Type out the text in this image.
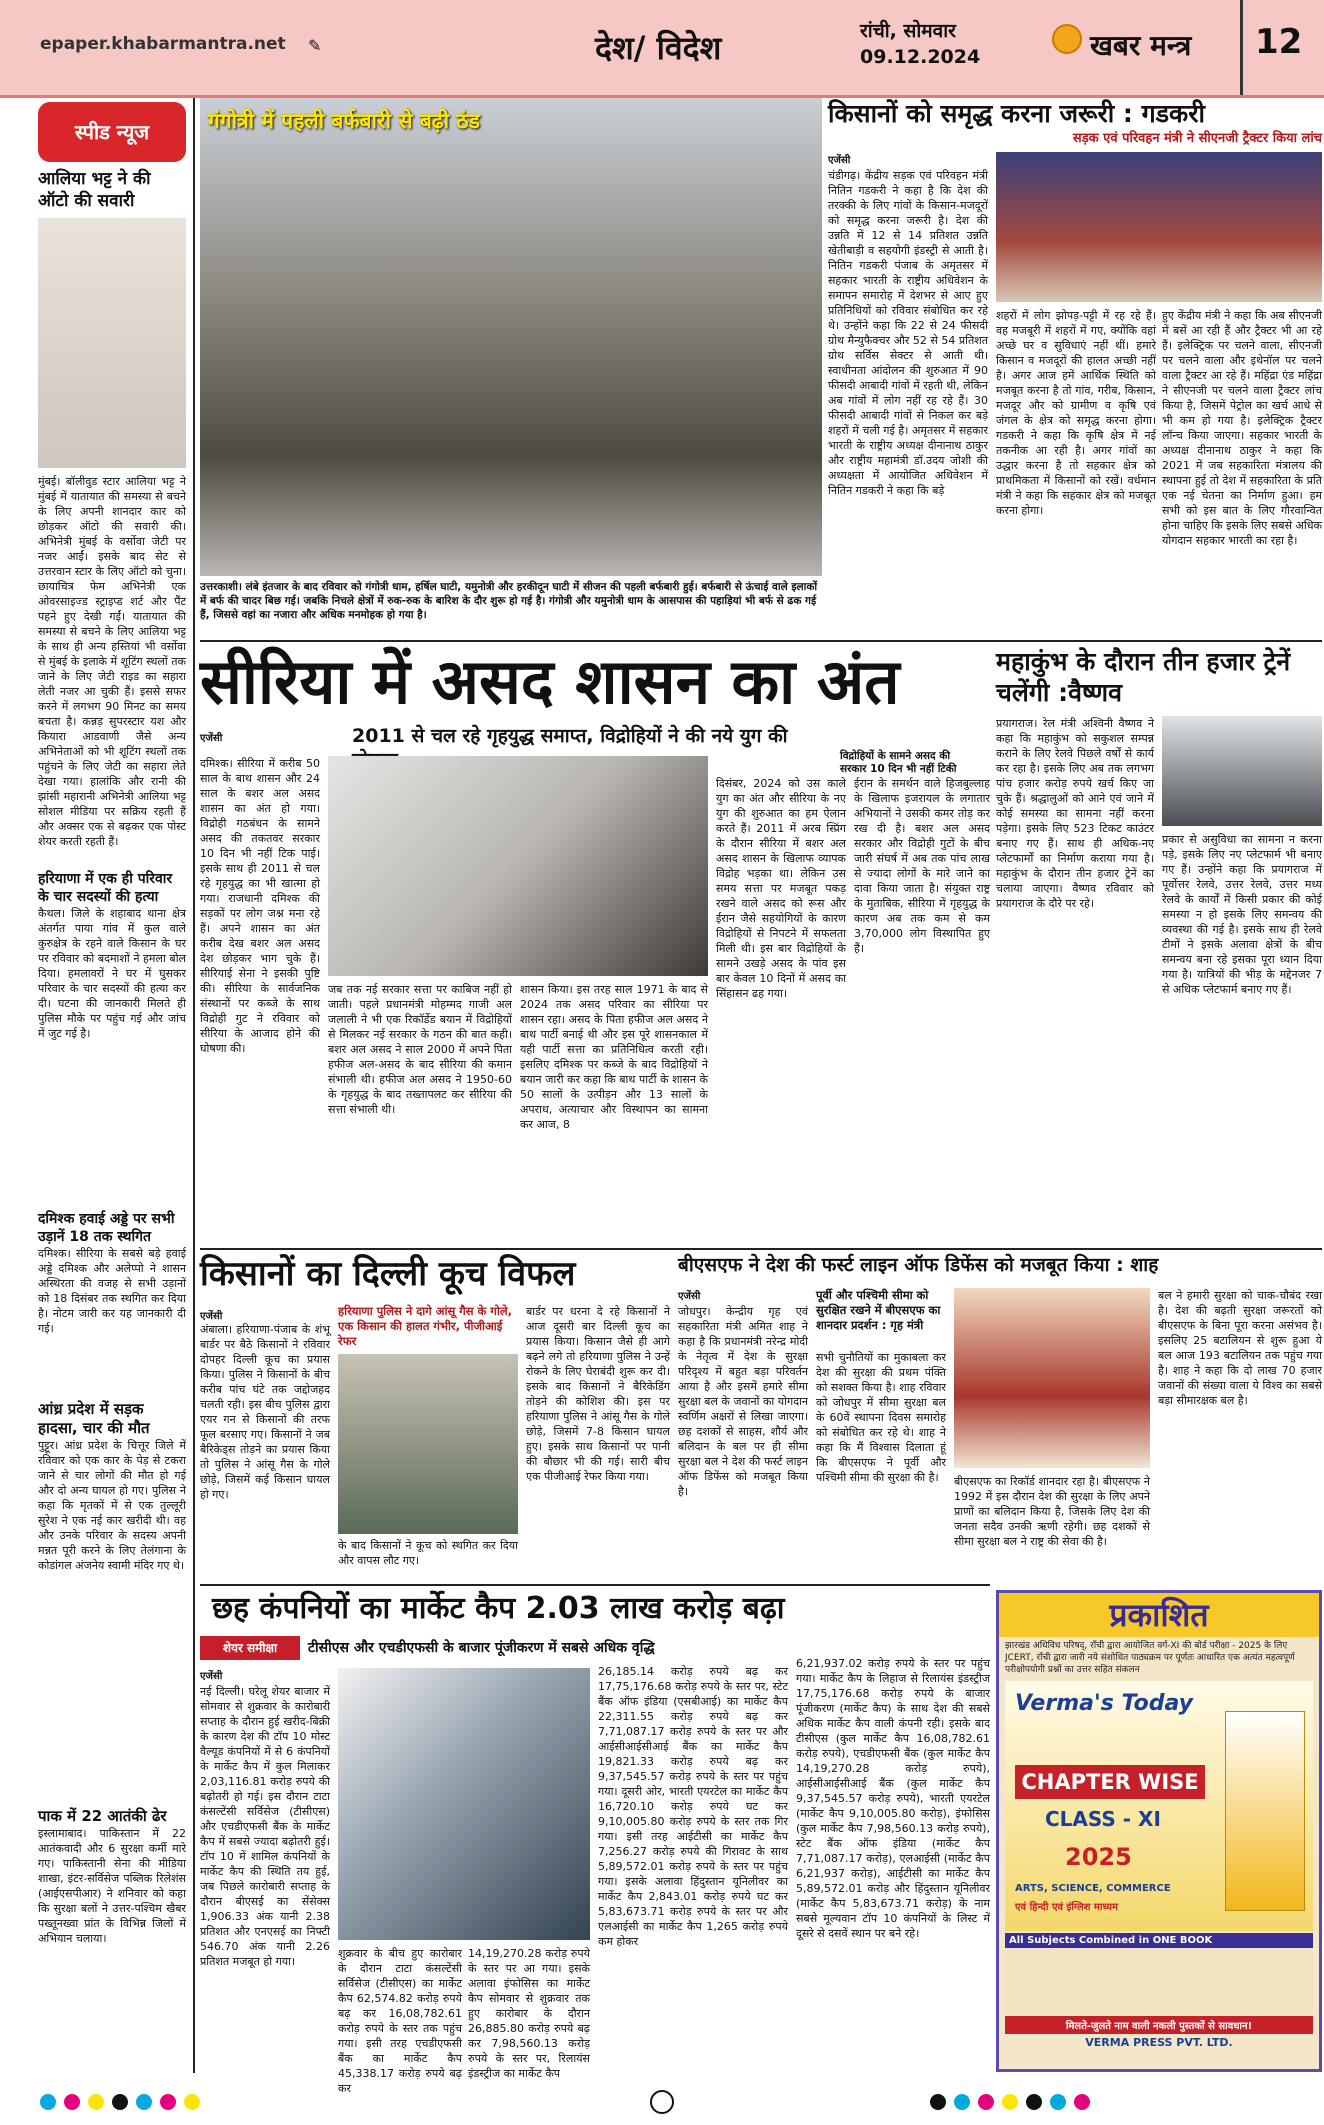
epaper.khabarmantra.net ✎	देश/ विदेश	रांची, सोमवार
09.12.2024	खबर मन्त्र 12
स्पीड न्यूज
आलिया भट्ट ने की ऑटो की सवारी
मुंबई। बॉलीवुड स्टार आलिया भट्ट ने मुंबई में यातायात की समस्या से बचने के लिए अपनी शानदार कार को छोड़कर ऑटो की सवारी की। अभिनेत्री मुंबई के वर्सोवा जेटी पर नजर आईं। इसके बाद सेट से उत्तरवान स्टार के लिए ऑटो को चुना। छायाचित्र फेम अभिनेत्री एक ओवरसाइज्ड स्ट्राइप्ड शर्ट और पैंट पहने हुए देखी गईं। यातायात की समस्या से बचने के लिए आलिया भट्ट के साथ ही अन्य हस्तियां भी वर्सोवा से मुंबई के इलाके में शूटिंग स्थलों तक जाने के लिए जेटी राइड का सहारा लेती नजर आ चुकी हैं। इससे सफर करने में लगभग 90 मिनट का समय बचता है। कन्नड़ सुपरस्टार यश और कियारा आडवाणी जैसे अन्य अभिनेताओं को भी शूटिंग स्थलों तक पहुंचने के लिए जेटी का सहारा लेते देखा गया। हालांकि और रानी की झांसी महारानी अभिनेत्री आलिया भट्ट सोशल मीडिया पर सक्रिय रहती हैं और अक्सर एक से बढ़कर एक पोस्ट शेयर करती रहती हैं।
हरियाणा में एक ही परिवार के चार सदस्यों की हत्या
कैथल। जिले के शहाबाद थाना क्षेत्र अंतर्गत पाया गांव में कुल वाले कुरुक्षेत्र के रहने वाले किसान के घर पर रविवार को बदमाशों ने हमला बोल दिया। हमलावरों ने घर में घुसकर परिवार के चार सदस्यों की हत्या कर दी। घटना की जानकारी मिलते ही पुलिस मौके पर पहुंच गई और जांच में जुट गई है।
दमिश्क हवाई अड्डे पर सभी उड़ानें 18 तक स्थगित
दमिश्क। सीरिया के सबसे बड़े हवाई अड्डे दमिश्क और अलेप्पो ने शासन अस्थिरता की वजह से सभी उड़ानों को 18 दिसंबर तक स्थगित कर दिया है। नोटम जारी कर यह जानकारी दी गई।
आंध्र प्रदेश में सड़क हादसा, चार की मौत
पुट्टूर। आंध्र प्रदेश के चित्तूर जिले में रविवार को एक कार के पेड़ से टकरा जाने से चार लोगों की मौत हो गई और दो अन्य घायल हो गए। पुलिस ने कहा कि मृतकों में से एक तुल्लूरी सुरेश ने एक नई कार खरीदी थी। वह और उनके परिवार के सदस्य अपनी मन्नत पूरी करने के लिए तेलंगाना के कोडांगल अंजनेय स्वामी मंदिर गए थे।
पाक में 22 आतंकी ढेर
इस्लामाबाद। पाकिस्तान में 22 आतंकवादी और 6 सुरक्षा कर्मी मारे गए। पाकिस्तानी सेना की मीडिया शाखा, इंटर-सर्विसेज पब्लिक रिलेशंस (आईएसपीआर) ने शनिवार को कहा कि सुरक्षा बलों ने उत्तर-पश्चिम खैबर पख्तूनख्वा प्रांत के विभिन्न जिलों में अभियान चलाया।
गंगोत्री में पहली बर्फबारी से बढ़ी ठंड
उत्तरकाशी। लंबे इंतजार के बाद रविवार को गंगोत्री धाम, हर्षिल घाटी, यमुनोत्री और हरकीदून घाटी में सीजन की पहली बर्फबारी हुई। बर्फबारी से ऊंचाई वाले इलाकों में बर्फ की चादर बिछ गई। जबकि निचले क्षेत्रों में रुक-रुक के बारिश के दौर शुरू हो गई है। गंगोत्री और यमुनोत्री धाम के आसपास की पहाड़ियां भी बर्फ से ढक गई हैं, जिससे वहां का नजारा और अधिक मनमोहक हो गया है।
किसानों को समृद्ध करना जरूरी : गडकरी
सड़क एवं परिवहन मंत्री ने सीएनजी ट्रैक्टर किया लांच
एजेंसी
चंडीगढ़। केंद्रीय सड़क एवं परिवहन मंत्री नितिन गडकरी ने कहा है कि देश की तरक्की के लिए गांवों के किसान-मजदूरों को समृद्ध करना जरूरी है। देश की उन्नति में 12 से 14 प्रतिशत उन्नति खेतीबाड़ी व सहयोगी इंडस्ट्री से आती है। नितिन गडकरी पंजाब के अमृतसर में सहकार भारती के राष्ट्रीय अधिवेशन के समापन समारोह में देशभर से आए हुए प्रतिनिधियों को रविवार संबोधित कर रहे थे। उन्होंने कहा कि 22 से 24 फीसदी ग्रोथ मैन्युफैक्चर और 52 से 54 प्रतिशत ग्रोथ सर्विस सेक्टर से आती थी। स्वाधीनता आंदोलन की शुरुआत में 90 फीसदी आबादी गांवों में रहती थी, लेकिन अब गांवों में लोग नहीं रह रहे हैं। 30 फीसदी आबादी गांवों से निकल कर बड़े शहरों में चली गई है। अमृतसर में सहकार भारती के राष्ट्रीय अध्यक्ष दीनानाथ ठाकुर और राष्ट्रीय महामंत्री डॉ.उदय जोशी की अध्यक्षता में आयोजित अधिवेशन में नितिन गडकरी ने कहा कि बड़े
शहरों में लोग झोपड़-पट्टी में रह रहे हैं। वह मजबूरी में शहरों में गए, क्योंकि वहां अच्छे घर व सुविधाएं नहीं थीं। हमारे किसान व मजदूरों की हालत अच्छी नहीं है। अगर आज हमें आर्थिक स्थिति को मजबूत करना है तो गांव, गरीब, किसान, मजदूर और को ग्रामीण व कृषि एवं जंगल के क्षेत्र को समृद्ध करना होगा। गडकरी ने कहा कि कृषि क्षेत्र में नई तकनीक आ रही है। अगर गांवों का उद्धार करना है तो सहकार क्षेत्र को प्राथमिकता में किसानों को रखें। वर्धमान मंत्री ने कहा कि सहकार क्षेत्र को मजबूत करना होगा।
हुए केंद्रीय मंत्री ने कहा कि अब सीएनजी में बसें आ रही हैं और ट्रैक्टर भी आ रहे हैं। इलेक्ट्रिक पर चलने वाला, सीएनजी पर चलने वाला और इथेनॉल पर चलने वाला ट्रैक्टर आ रहे हैं। महिंद्रा एंड महिंद्रा ने सीएनजी पर चलने वाला ट्रैक्टर लांच किया है, जिसमें पेट्रोल का खर्च आधे से भी कम हो गया है। इलेक्ट्रिक ट्रैक्टर लॉन्च किया जाएगा। सहकार भारती के अध्यक्ष दीनानाथ ठाकुर ने कहा कि 2021 में जब सहकारिता मंत्रालय की स्थापना हुई तो देश में सहकारिता के प्रति एक नई चेतना का निर्माण हुआ। हम सभी को इस बात के लिए गौरवान्वित होना चाहिए कि इसके लिए सबसे अधिक योगदान सहकार भारती का रहा है।
सीरिया में असद शासन का अंत
एजेंसी	2011 से चल रहे गृहयुद्ध समाप्त, विद्रोहियों ने की नये युग की
विद्रोहियों के सामने असद की सरकार 10 दिन भी नहीं टिकी
दमिश्क। सीरिया में करीब 50 साल के बाथ शासन और 24 साल के बशर अल असद शासन का अंत हो गया। विद्रोही गठबंधन के सामने असद की तकतवर सरकार 10 दिन भी नहीं टिक पाई। इसके साथ ही 2011 से चल रहे गृहयुद्ध का भी खात्मा हो गया। राजधानी दमिश्क की सड़कों पर लोग जश्न मना रहे हैं। अपने शासन का अंत करीब देख बशर अल असद देश छोड़कर भाग चुके हैं। सीरियाई सेना ने इसकी पुष्टि की। सीरिया के सार्वजनिक संस्थानों पर कब्जे के साथ विद्रोही गुट ने रविवार को सीरिया के आजाद होने की घोषणा की।
जब तक नई सरकार सत्ता पर काबिज नहीं हो जाती। पहले प्रधानमंत्री मोहम्मद गाजी अल जलाली ने भी एक रिकॉर्डेड बयान में विद्रोहियों से मिलकर नई सरकार के गठन की बात कही। बशर अल असद ने साल 2000 में अपने पिता हफीज अल-असद के बाद सीरिया की कमान संभाली थी। हफीज अल असद ने 1950-60 के गृहयुद्ध के बाद तख्तापलट कर सीरिया की सत्ता संभाली थी।
शासन किया। इस तरह साल 1971 के बाद से 2024 तक असद परिवार का सीरिया पर शासन रहा। असद के पिता हफीज अल असद ने बाथ पार्टी बनाई थी और इस पूरे शासनकाल में यही पार्टी सत्ता का प्रतिनिधित्व करती रही। इसलिए दमिश्क पर कब्जे के बाद विद्रोहियों ने बयान जारी कर कहा कि बाथ पार्टी के शासन के 50 सालों के उत्पीड़न और 13 सालों के अपराध, अत्याचार और विस्थापन का सामना कर आज, 8
दिसंबर, 2024 को उस काले युग का अंत और सीरिया के नए युग की शुरुआत का हम ऐलान करते हैं। 2011 में अरब स्प्रिंग के दौरान सीरिया में बशर अल असद शासन के खिलाफ व्यापक विद्रोह भड़का था। लेकिन उस समय सत्ता पर मजबूत पकड़ रखने वाले असद को रूस और ईरान जैसे सहयोगियों के कारण विद्रोहियों से निपटने में सफलता मिली थी। इस बार विद्रोहियों के सामने उखड़े असद के पांव इस बार केवल 10 दिनों में असद का सिंहासन ढह गया।
ईरान के समर्थन वाले हिजबुल्लाह के खिलाफ इजरायल के लगातार अभियानों ने उसकी कमर तोड़ कर रख दी है। बशर अल असद सरकार और विद्रोही गुटों के बीच जारी संघर्ष में अब तक पांच लाख से ज्यादा लोगों के मारे जाने का दावा किया जाता है। संयुक्त राष्ट्र के मुताबिक, सीरिया में गृहयुद्ध के कारण अब तक कम से कम 3,70,000 लोग विस्थापित हुए हैं।
महाकुंभ के दौरान तीन हजार ट्रेनें चलेंगी :वैष्णव
प्रयागराज। रेल मंत्री अश्विनी वैष्णव ने कहा कि महाकुंभ को सकुशल सम्पन्न कराने के लिए रेलवे पिछले वर्षों से कार्य कर रहा है। इसके लिए अब तक लगभग पांच हजार करोड़ रुपये खर्च किए जा चुके हैं। श्रद्धालुओं को आने एवं जाने में कोई समस्या का सामना नहीं करना पड़ेगा। इसके लिए 523 टिकट काउंटर बनाए गए हैं। साथ ही अधिक-नए प्लेटफार्मों का निर्माण कराया गया है। महाकुंभ के दौरान तीन हजार ट्रेनें का चलाया जाएगा। वैष्णव रविवार को प्रयागराज के दौरे पर रहे।
प्रकार से असुविधा का सामना न करना पड़े, इसके लिए नए प्लेटफार्म भी बनाए गए हैं। उन्होंने कहा कि प्रयागराज में पूर्वोत्तर रेलवे, उत्तर रेलवे, उत्तर मध्य रेलवे के कार्यों में किसी प्रकार की कोई समस्या न हो इसके लिए समन्वय की व्यवस्था की गई है। इसके साथ ही रेलवे टीमों ने इसके अलावा क्षेत्रों के बीच समन्वय बना रहे इसका पूरा ध्यान दिया गया है। यात्रियों की भीड़ के मद्देनजर 7 से अधिक प्लेटफार्म बनाए गए हैं।
किसानों का दिल्ली कूच विफल
एजेंसी
अंबाला। हरियाणा-पंजाब के शंभू बार्डर पर बैठे किसानों ने रविवार दोपहर दिल्ली कूच का प्रयास किया। पुलिस ने किसानों के बीच करीब पांच घंटे तक जद्दोजहद चलती रही। इस बीच पुलिस द्वारा एयर गन से किसानों की तरफ फूल बरसाए गए। किसानों ने जब बैरिकेड्स तोड़ने का प्रयास किया तो पुलिस ने आंसू गैस के गोले छोड़े, जिसमें कई किसान घायल हो गए।
हरियाणा पुलिस ने दागे आंसू गैस के गोले, एक किसान की हालत गंभीर, पीजीआई रेफर
के बाद किसानों ने कूच को स्थगित कर दिया और वापस लौट गए।
बार्डर पर धरना दे रहे किसानों ने आज दूसरी बार दिल्ली कूच का प्रयास किया। किसान जैसे ही आगे बढ़ने लगे तो हरियाणा पुलिस ने उन्हें रोकने के लिए घेराबंदी शुरू कर दी। इसके बाद किसानों ने बैरिकेडिंग तोड़ने की कोशिश की। इस पर हरियाणा पुलिस ने आंसू गैस के गोले छोड़े, जिसमें 7-8 किसान घायल हुए। इसके साथ किसानों पर पानी की बौछार भी की गई। सारी बीच एक पीजीआई रेफर किया गया।
बीएसएफ ने देश की फर्स्ट लाइन ऑफ डिफेंस को मजबूत किया : शाह
एजेंसी
जोधपुर। केन्द्रीय गृह एवं सहकारिता मंत्री अमित शाह ने कहा है कि प्रधानमंत्री नरेन्द्र मोदी के नेतृत्व में देश के सुरक्षा परिदृश्य में बहुत बड़ा परिवर्तन आया है और इसमें हमारे सीमा सुरक्षा बल के जवानों का योगदान स्वर्णिम अक्षरों से लिखा जाएगा। छह दशकों से साहस, शौर्य और बलिदान के बल पर ही सीमा सुरक्षा बल ने देश की फर्स्ट लाइन ऑफ डिफेंस को मजबूत किया है।
पूर्वी और पश्चिमी सीमा को सुरक्षित रखने में बीएसएफ का शानदार प्रदर्शन : गृह मंत्री
सभी चुनौतियों का मुकाबला कर देश की सुरक्षा की प्रथम पंक्ति को सशक्त किया है। शाह रविवार को जोधपुर में सीमा सुरक्षा बल के 60वें स्थापना दिवस समारोह को संबोधित कर रहे थे। शाह ने कहा कि मैं विश्वास दिलाता हूं कि बीएसएफ ने पूर्वी और पश्चिमी सीमा की सुरक्षा की है।	बीएसएफ का रिकॉर्ड शानदार रहा है। बीएसएफ ने 1992 में इस दौरान देश की सुरक्षा के लिए अपने प्राणों का बलिदान किया है, जिसके लिए देश की जनता सदैव उनकी ऋणी रहेगी। छह दशकों से सीमा सुरक्षा बल ने राष्ट्र की सेवा की है।
बल ने हमारी सुरक्षा को चाक-चौबंद रखा है। देश की बढ़ती सुरक्षा जरूरतों को बीएसएफ के बिना पूरा करना असंभव है। इसलिए 25 बटालियन से शुरू हुआ ये बल आज 193 बटालियन तक पहुंच गया है। शाह ने कहा कि दो लाख 70 हजार जवानों की संख्या वाला ये विश्व का सबसे बड़ा सीमारक्षक बल है।
छह कंपनियों का मार्केट कैप 2.03 लाख करोड़ बढ़ा
शेयर समीक्षा	टीसीएस और एचडीएफसी के बाजार पूंजीकरण में सबसे अधिक वृद्धि
एजेंसी
नई दिल्ली। घरेलू शेयर बाजार में सोमवार से शुक्रवार के कारोबारी सप्ताह के दौरान हुई खरीद-बिक्री के कारण देश की टॉप 10 मोस्ट वैल्यूड कंपनियों में से 6 कंपनियों के मार्केट कैप में कुल मिलाकर 2,03,116.81 करोड़ रुपये की बढ़ोतरी हो गई। इस दौरान टाटा कंसल्टेंसी सर्विसेज (टीसीएस) और एचडीएफसी बैंक के मार्केट कैप में सबसे ज्यादा बढ़ोतरी हुई। टॉप 10 में शामिल कंपनियों के मार्केट कैप की स्थिति तय हुई, जब पिछले कारोबारी सप्ताह के दौरान बीएसई का सेंसेक्स 1,906.33 अंक यानी 2.38 प्रतिशत और एनएसई का निफ्टी 546.70 अंक यानी 2.26 प्रतिशत मजबूत हो गया।
शुक्रवार के बीच हुए कारोबार के दौरान टाटा कंसल्टेंसी सर्विसेज (टीसीएस) का मार्केट कैप 62,574.82 करोड़ रुपये बढ़ कर 16,08,782.61 करोड़ रुपये के स्तर तक पहुंच गया। इसी तरह एचडीएफसी बैंक का मार्केट कैप 45,338.17 करोड़ रुपये बढ़ कर
14,19,270.28 करोड़ रुपये के स्तर पर आ गया। इसके अलावा इंफोसिस का मार्केट कैप सोमवार से शुक्रवार तक हुए कारोबार के दौरान 26,885.80 करोड़ रुपये बढ़ कर 7,98,560.13 करोड़ रुपये के स्तर पर, रिलायंस इंडस्ट्रीज का मार्केट कैप
26,185.14 करोड़ रुपये बढ़ कर 17,75,176.68 करोड़ रुपये के स्तर पर, स्टेट बैंक ऑफ इंडिया (एसबीआई) का मार्केट कैप 22,311.55 करोड़ रुपये बढ़ कर 7,71,087.17 करोड़ रुपये के स्तर पर और आईसीआईसीआई बैंक का मार्केट कैप 19,821.33 करोड़ रुपये बढ़ कर 9,37,545.57 करोड़ रुपये के स्तर पर पहुंच गया। दूसरी ओर, भारती एयरटेल का मार्केट कैप 16,720.10 करोड़ रुपये घट कर 9,10,005.80 करोड़ रुपये के स्तर तक गिर गया। इसी तरह आईटीसी का मार्केट कैप 7,256.27 करोड़ रुपये की गिरावट के साथ 5,89,572.01 करोड़ रुपये के स्तर पर पहुंच गया। इसके अलावा हिंदुस्तान यूनिलीवर का मार्केट कैप 2,843.01 करोड़ रुपये घट कर 5,83,673.71 करोड़ रुपये के स्तर पर और एलआईसी का मार्केट कैप 1,265 करोड़ रुपये कम होकर
6,21,937.02 करोड़ रुपये के स्तर पर पहुंच गया। मार्केट कैप के लिहाज से रिलायंस इंडस्ट्रीज 17,75,176.68 करोड़ रुपये के बाजार पूंजीकरण (मार्केट कैप) के साथ देश की सबसे अधिक मार्केट कैप वाली कंपनी रही। इसके बाद टीसीएस (कुल मार्केट कैप 16,08,782.61 करोड़ रुपये), एचडीएफसी बैंक (कुल मार्केट कैप 14,19,270.28 करोड़ रुपये), आईसीआईसीआई बैंक (कुल मार्केट कैप 9,37,545.57 करोड़ रुपये), भारती एयरटेल (मार्केट कैप 9,10,005.80 करोड़), इंफोसिस (कुल मार्केट कैप 7,98,560.13 करोड़ रुपये), स्टेट बैंक ऑफ इंडिया (मार्केट कैप 7,71,087.17 करोड़), एलआईसी (मार्केट कैप 6,21,937 करोड़), आईटीसी का मार्केट कैप 5,89,572.01 करोड़ और हिंदुस्तान यूनिलीवर (मार्केट कैप 5,83,673.71 करोड़) के नाम सबसे मूल्यवान टॉप 10 कंपनियों के लिस्ट में दूसरे से दसवें स्थान पर बने रहे।
प्रकाशित
झारखंड अधिविध परिषद्, राँची द्वारा आयोजित वर्ग-XI की बोर्ड परीक्षा - 2025 के लिए JCERT, राँची द्वारा जारी नये संशोधित पाठ्यक्रम पर पूर्णतः आधारित एक अत्यंत महत्वपूर्ण परीक्षोपयोगी प्रश्नों का उत्तर सहित संकलन
Verma's Today
CHAPTER WISE
CLASS - XI
2025
ARTS, SCIENCE, COMMERCE
एवं हिन्दी एवं इंग्लिश माध्यम
All Subjects Combined in ONE BOOK
मिलते-जुलते नाम वाली नकली पुस्तकों से सावधान!
VERMA PRESS PVT. LTD.
